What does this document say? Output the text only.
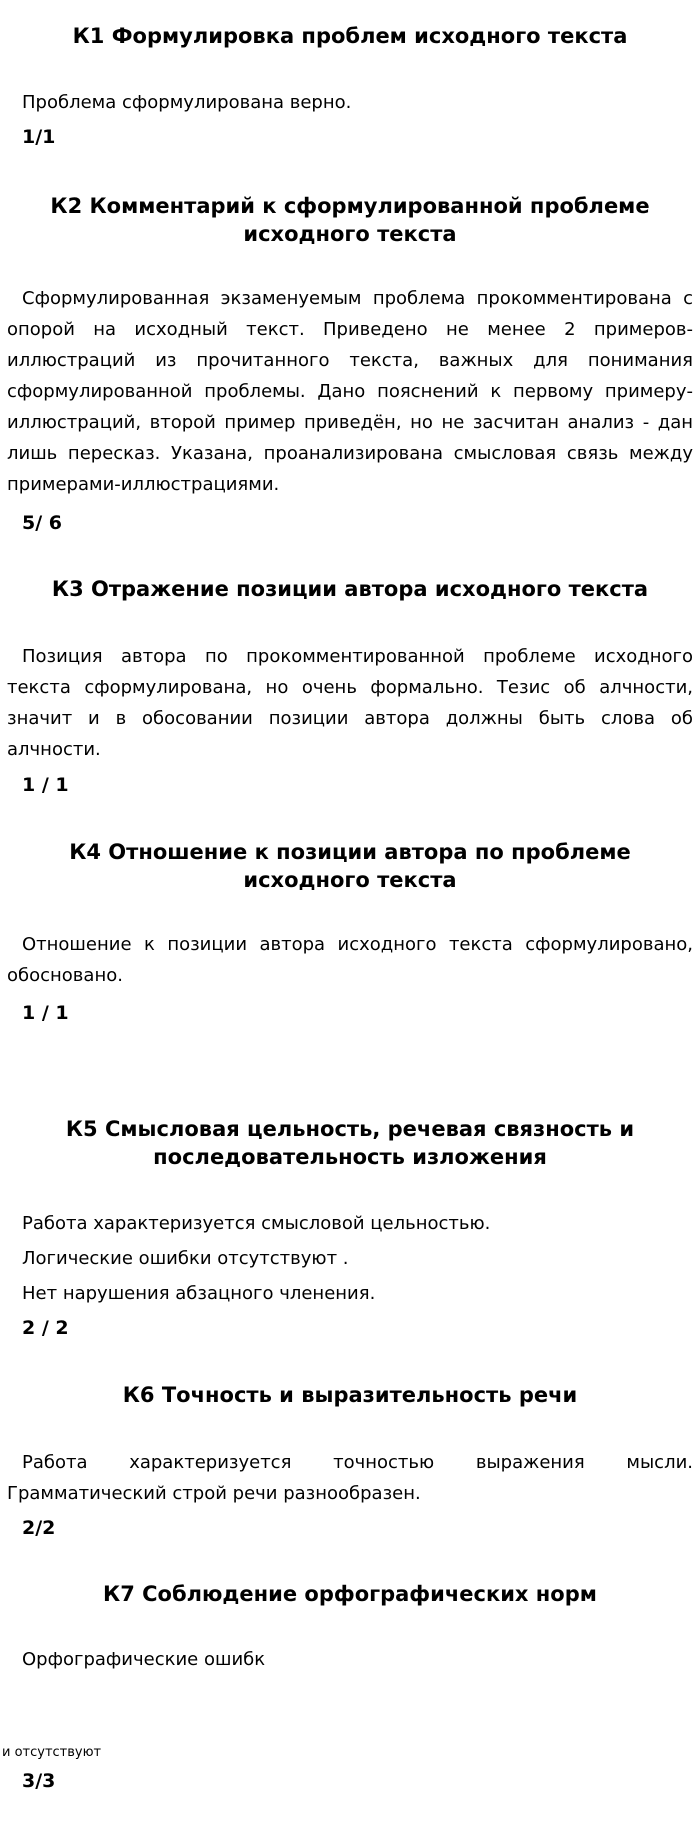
К1 Формулировка проблем исходного текста

Проблема сформулирована верно.

1/1

К2 Комментарий к сформулированной проблеме
исходного текста

Сформулированная экзаменуемым проблема прокомментирована с опорой на исходный текст. Приведено не менее 2 примеров-иллюстраций из прочитанного текста, важных для понимания сформулированной проблемы. Дано пояснений к первому примеру-иллюстраций, второй пример приведён, но не засчитан анализ - дан лишь пересказ. Указана, проанализирована смысловая связь между примерами-иллюстрациями.

5/ 6

К3 Отражение позиции автора исходного текста

Позиция автора по прокомментированной проблеме исходного текста сформулирована, но очень формально. Тезис об алчности, значит и в обосовании позиции автора должны быть слова об алчности.

1 / 1

К4 Отношение к позиции автора по проблеме
исходного текста

Отношение к позиции автора исходного текста сформулировано, обосновано.

1 / 1

К5 Смысловая цельность, речевая связность и
последовательность изложения

Работа характеризуется смысловой цельностью.

Логические ошибки отсутствуют .

Нет нарушения абзацного членения.

2 / 2

К6 Точность и выразительность речи

Работа характеризуется точностью выражения мысли. Грамматический строй речи разнообразен.

2/2

К7 Соблюдение орфографических норм

Орфографические ошибк

и отсутствуют

3/3
